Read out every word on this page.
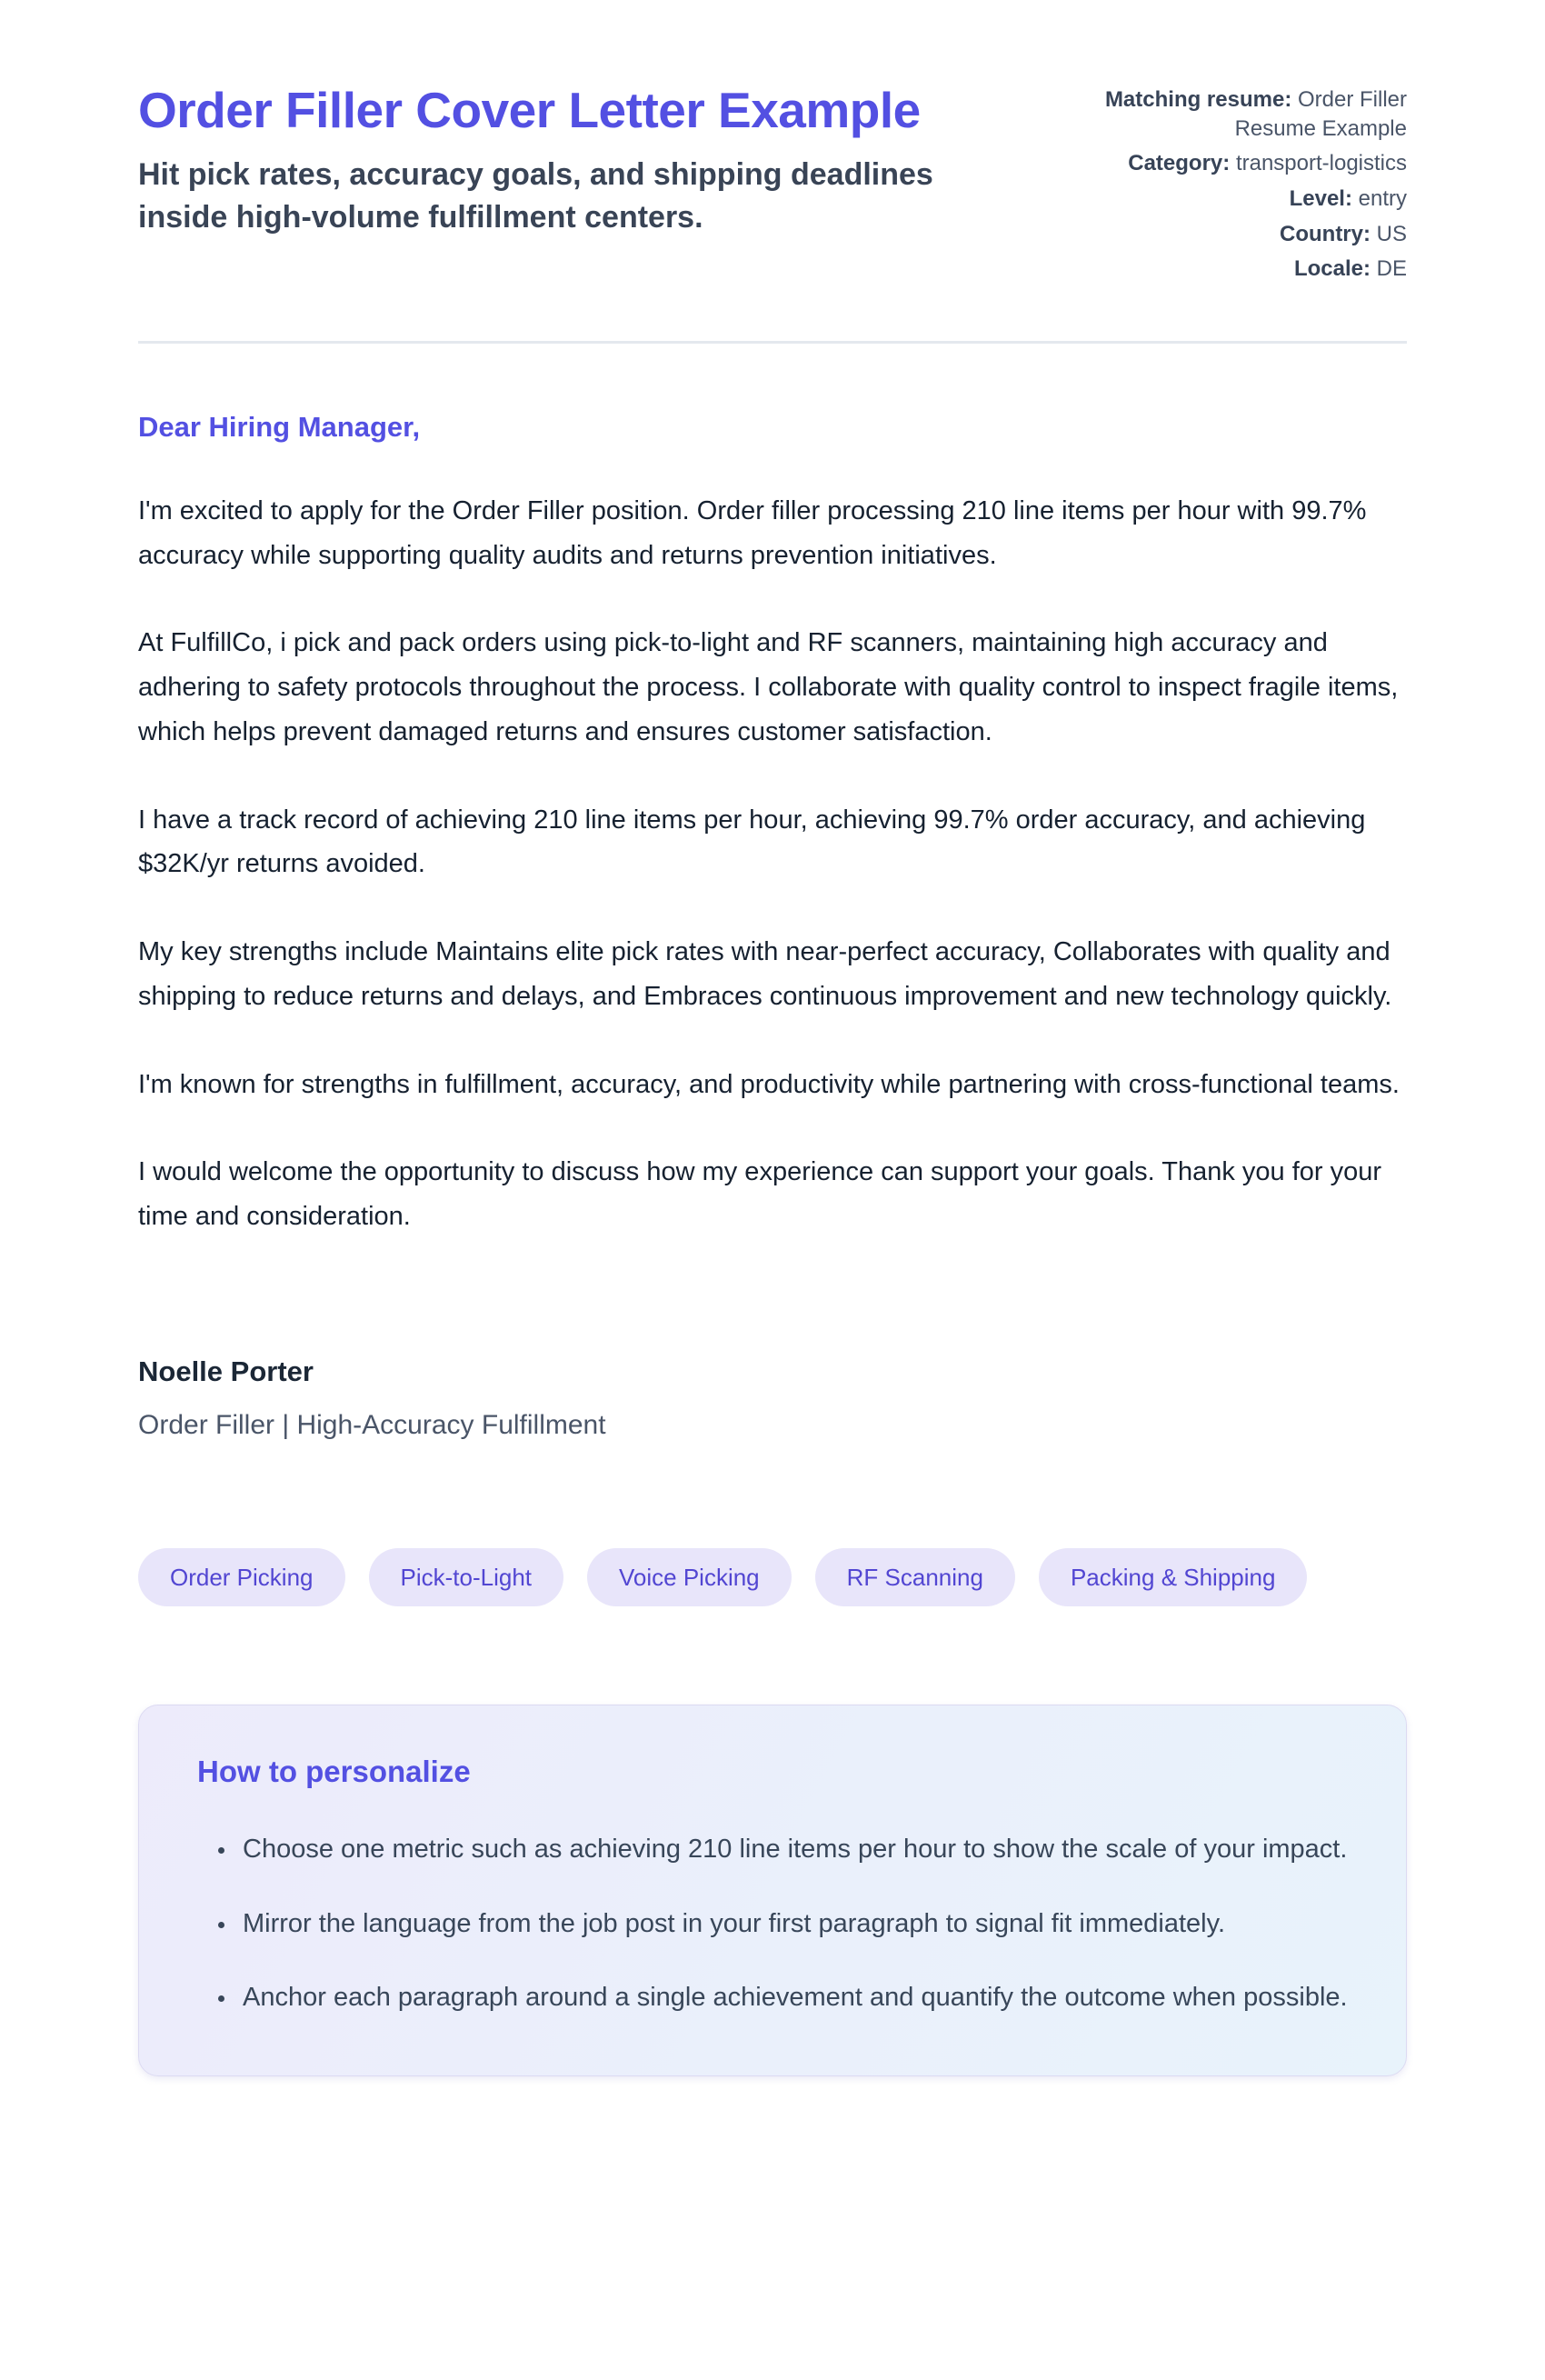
Order Filler Cover Letter Example

Hit pick rates, accuracy goals, and shipping deadlines inside high-volume fulfillment centers.

Matching resume: Order Filler Resume Example
Category: transport-logistics
Level: entry
Country: US
Locale: DE

Dear Hiring Manager,

I'm excited to apply for the Order Filler position. Order filler processing 210 line items per hour with 99.7% accuracy while supporting quality audits and returns prevention initiatives.

At FulfillCo, i pick and pack orders using pick-to-light and RF scanners, maintaining high accuracy and adhering to safety protocols throughout the process. I collaborate with quality control to inspect fragile items, which helps prevent damaged returns and ensures customer satisfaction.

I have a track record of achieving 210 line items per hour, achieving 99.7% order accuracy, and achieving $32K/yr returns avoided.

My key strengths include Maintains elite pick rates with near-perfect accuracy, Collaborates with quality and shipping to reduce returns and delays, and Embraces continuous improvement and new technology quickly.

I'm known for strengths in fulfillment, accuracy, and productivity while partnering with cross-functional teams.

I would welcome the opportunity to discuss how my experience can support your goals. Thank you for your time and consideration.

Noelle Porter

Order Filler | High-Accuracy Fulfillment

Order Picking	Pick-to-Light	Voice Picking	RF Scanning	Packing & Shipping
How to personalize
• Choose one metric such as achieving 210 line items per hour to show the scale of your impact.
• Mirror the language from the job post in your first paragraph to signal fit immediately.
• Anchor each paragraph around a single achievement and quantify the outcome when possible.
